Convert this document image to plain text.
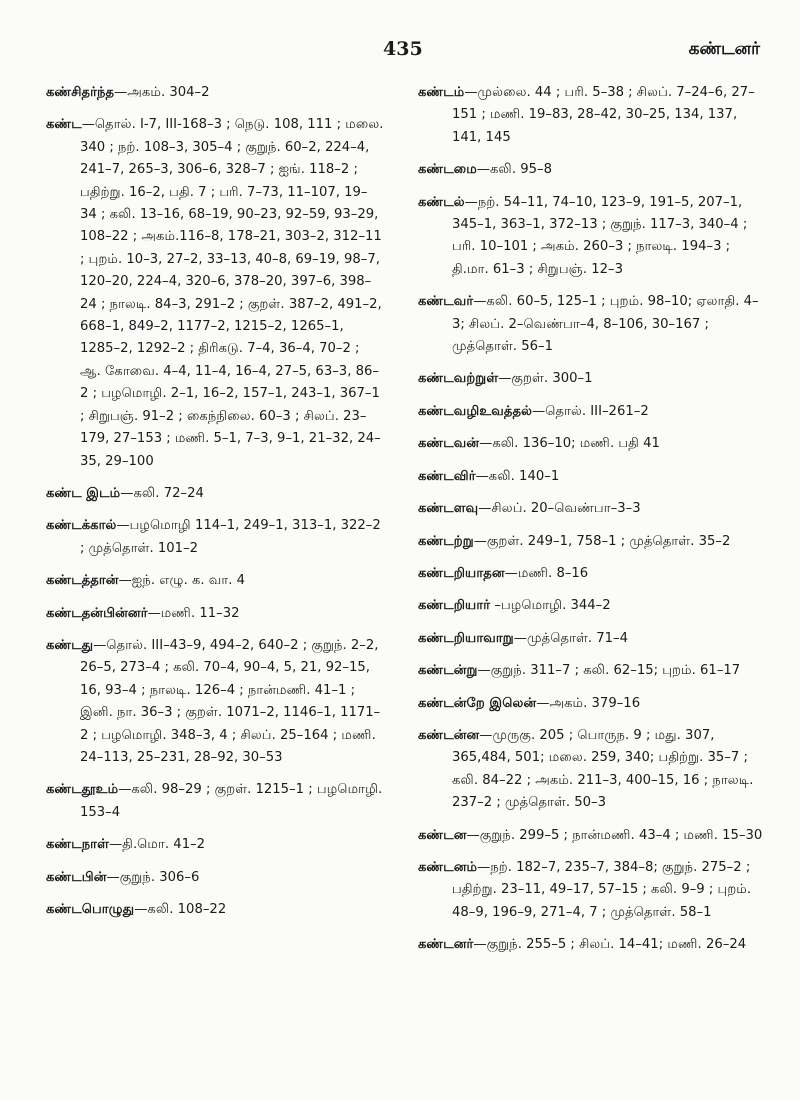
435	கண்டனர்

கண்சிதர்ந்த—அகம். 304–2

கண்ட—தொல். I-7, III-168–3 ; நெடு. 108, 111 ; மலை. 340 ; நற். 108–3, 305–4 ; குறுந். 60–2, 224–4, 241–7, 265–3, 306–6, 328–7 ; ஐங். 118–2 ; பதிற்று. 16–2, பதி. 7 ; பரி. 7–73, 11–107, 19–34 ; கலி. 13–16, 68–19, 90–23, 92–59, 93–29, 108–22 ; அகம்.116–8, 178–21, 303–2, 312–11 ; புறம். 10–3, 27–2, 33–13, 40–8, 69–19, 98–7, 120–20, 224–4, 320–6, 378–20, 397–6, 398–24 ; நாலடி. 84–3, 291–2 ; குறள். 387–2, 491–2, 668–1, 849–2, 1177–2, 1215–2, 1265–1, 1285–2, 1292–2 ; திரிகடு. 7–4, 36–4, 70–2 ; ஆ. கோவை. 4–4, 11–4, 16–4, 27–5, 63–3, 86–2 ; பழமொழி. 2–1, 16–2, 157–1, 243–1, 367–1 ; சிறுபஞ். 91–2 ; கைந்நிலை. 60–3 ; சிலப். 23–179, 27–153 ; மணி. 5–1, 7–3, 9–1, 21–32, 24–35, 29–100

கண்ட இடம்—கலி. 72–24

கண்டக்கால்—பழமொழி 114–1, 249–1, 313–1, 322–2 ; முத்தொள். 101–2

கண்டத்தான்—ஐந். எழு. க. வா. 4

கண்டதன்பின்னர்—மணி. 11–32

கண்டது—தொல். III–43–9, 494–2, 640–2 ; குறுந். 2–2, 26–5, 273–4 ; கலி. 70–4, 90–4, 5, 21, 92–15, 16, 93–4 ; நாலடி. 126–4 ; நான்மணி. 41–1 ; இனி. நா. 36–3 ; குறள். 1071–2, 1146–1, 1171–2 ; பழமொழி. 348–3, 4 ; சிலப். 25–164 ; மணி. 24–113, 25–231, 28–92, 30–53

கண்டதூஉம்—கலி. 98–29 ; குறள். 1215–1 ; பழமொழி. 153–4

கண்டநாள்—தி.மொ. 41–2

கண்டபின்—குறுந். 306–6

கண்டபொழுது—கலி. 108–22

கண்டம்—முல்லை. 44 ; பரி. 5–38 ; சிலப். 7–24–6, 27–151 ; மணி. 19–83, 28–42, 30–25, 134, 137, 141, 145

கண்டமை—கலி. 95–8

கண்டல்—நற். 54–11, 74–10, 123–9, 191–5, 207–1, 345–1, 363–1, 372–13 ; குறுந். 117–3, 340–4 ; பரி. 10–101 ; அகம். 260–3 ; நாலடி. 194–3 ; தி.மா. 61–3 ; சிறுபஞ். 12–3

கண்டவர்—கலி. 60–5, 125–1 ; புறம். 98–10; ஏலாதி. 4–3; சிலப். 2–வெண்பா–4, 8–106, 30–167 ; முத்தொள். 56–1

கண்டவற்றுள்—குறள். 300–1

கண்டவழிஉவத்தல்—தொல். III–261–2

கண்டவன்—கலி. 136–10; மணி. பதி 41

கண்டவிர்—கலி. 140–1

கண்டளவு—சிலப். 20–வெண்பா–3–3

கண்டற்று—குறள். 249–1, 758–1 ; முத்தொள். 35–2

கண்டறியாதன—மணி. 8–16

கண்டறியார் –பழமொழி. 344–2

கண்டறியாவாறு—முத்தொள். 71–4

கண்டன்று—குறுந். 311–7 ; கலி. 62–15; புறம். 61–17

கண்டன்றே இலென்—அகம். 379–16

கண்டன்ன—முருகு. 205 ; பொருந. 9 ; மது. 307, 365,484, 501; மலை. 259, 340; பதிற்று. 35–7 ; கலி. 84–22 ; அகம். 211–3, 400–15, 16 ; நாலடி. 237–2 ; முத்தொள். 50–3

கண்டன—குறுந். 299–5 ; நான்மணி. 43–4 ; மணி. 15–30

கண்டனம்—நற். 182–7, 235–7, 384–8; குறுந். 275–2 ; பதிற்று. 23–11, 49–17, 57–15 ; கலி. 9–9 ; புறம். 48–9, 196–9, 271–4, 7 ; முத்தொள். 58–1

கண்டனர்—குறுந். 255–5 ; சிலப். 14–41; மணி. 26–24
